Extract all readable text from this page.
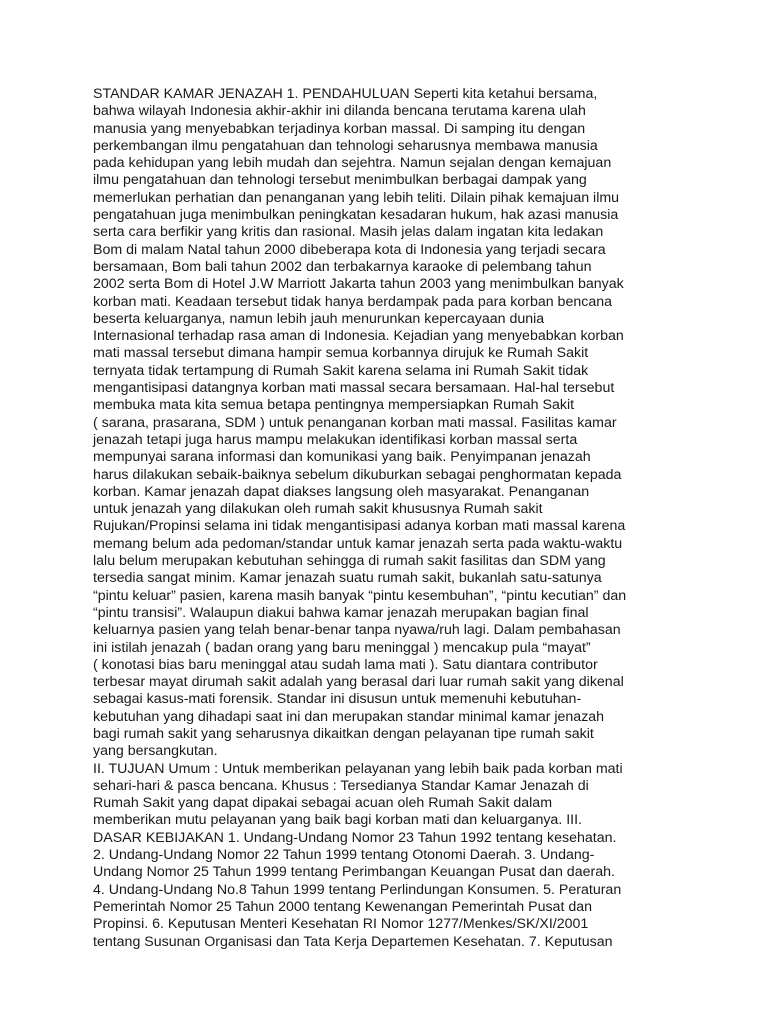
STANDAR KAMAR JENAZAH 1. PENDAHULUAN Seperti kita ketahui bersama,
bahwa wilayah Indonesia akhir-akhir ini dilanda bencana terutama karena ulah
manusia yang menyebabkan terjadinya korban massal. Di samping itu dengan
perkembangan ilmu pengatahuan dan tehnologi seharusnya membawa manusia
pada kehidupan yang lebih mudah dan sejehtra. Namun sejalan dengan kemajuan
ilmu pengatahuan dan tehnologi tersebut menimbulkan berbagai dampak yang
memerlukan perhatian dan penanganan yang lebih teliti. Dilain pihak kemajuan ilmu
pengatahuan juga menimbulkan peningkatan kesadaran hukum, hak azasi manusia
serta cara berfikir yang kritis dan rasional. Masih jelas dalam ingatan kita ledakan
Bom di malam Natal tahun 2000 dibeberapa kota di Indonesia yang terjadi secara
bersamaan, Bom bali tahun 2002 dan terbakarnya karaoke di pelembang tahun
2002 serta Bom di Hotel J.W Marriott Jakarta tahun 2003 yang menimbulkan banyak
korban mati. Keadaan tersebut tidak hanya berdampak pada para korban bencana
beserta keluarganya, namun lebih jauh menurunkan kepercayaan dunia
Internasional terhadap rasa aman di Indonesia. Kejadian yang menyebabkan korban
mati massal tersebut dimana hampir semua korbannya dirujuk ke Rumah Sakit
ternyata tidak tertampung di Rumah Sakit karena selama ini Rumah Sakit tidak
mengantisipasi datangnya korban mati massal secara bersamaan. Hal-hal tersebut
membuka mata kita semua betapa pentingnya mempersiapkan Rumah Sakit
( sarana, prasarana, SDM ) untuk penanganan korban mati massal. Fasilitas kamar
jenazah tetapi juga harus mampu melakukan identifikasi korban massal serta
mempunyai sarana informasi dan komunikasi yang baik. Penyimpanan jenazah
harus dilakukan sebaik-baiknya sebelum dikuburkan sebagai penghormatan kepada
korban. Kamar jenazah dapat diakses langsung oleh masyarakat. Penanganan
untuk jenazah yang dilakukan oleh rumah sakit khususnya Rumah sakit
Rujukan/Propinsi selama ini tidak mengantisipasi adanya korban mati massal karena
memang belum ada pedoman/standar untuk kamar jenazah serta pada waktu-waktu
lalu belum merupakan kebutuhan sehingga di rumah sakit fasilitas dan SDM yang
tersedia sangat minim. Kamar jenazah suatu rumah sakit, bukanlah satu-satunya
“pintu keluar” pasien, karena masih banyak “pintu kesembuhan”, “pintu kecutian” dan
“pintu transisi”. Walaupun diakui bahwa kamar jenazah merupakan bagian final
keluarnya pasien yang telah benar-benar tanpa nyawa/ruh lagi. Dalam pembahasan
ini istilah jenazah ( badan orang yang baru meninggal ) mencakup pula “mayat”
( konotasi bias baru meninggal atau sudah lama mati ). Satu diantara contributor
terbesar mayat dirumah sakit adalah yang berasal dari luar rumah sakit yang dikenal
sebagai kasus-mati forensik. Standar ini disusun untuk memenuhi kebutuhan-
kebutuhan yang dihadapi saat ini dan merupakan standar minimal kamar jenazah
bagi rumah sakit yang seharusnya dikaitkan dengan pelayanan tipe rumah sakit
yang bersangkutan.

II. TUJUAN Umum : Untuk memberikan pelayanan yang lebih baik pada korban mati
sehari-hari & pasca bencana. Khusus : Tersedianya Standar Kamar Jenazah di
Rumah Sakit yang dapat dipakai sebagai acuan oleh Rumah Sakit dalam
memberikan mutu pelayanan yang baik bagi korban mati dan keluarganya. III.
DASAR KEBIJAKAN 1. Undang-Undang Nomor 23 Tahun 1992 tentang kesehatan.
2. Undang-Undang Nomor 22 Tahun 1999 tentang Otonomi Daerah. 3. Undang-
Undang Nomor 25 Tahun 1999 tentang Perimbangan Keuangan Pusat dan daerah.
4. Undang-Undang No.8 Tahun 1999 tentang Perlindungan Konsumen. 5. Peraturan
Pemerintah Nomor 25 Tahun 2000 tentang Kewenangan Pemerintah Pusat dan
Propinsi. 6. Keputusan Menteri Kesehatan RI Nomor 1277/Menkes/SK/XI/2001
tentang Susunan Organisasi dan Tata Kerja Departemen Kesehatan. 7. Keputusan
